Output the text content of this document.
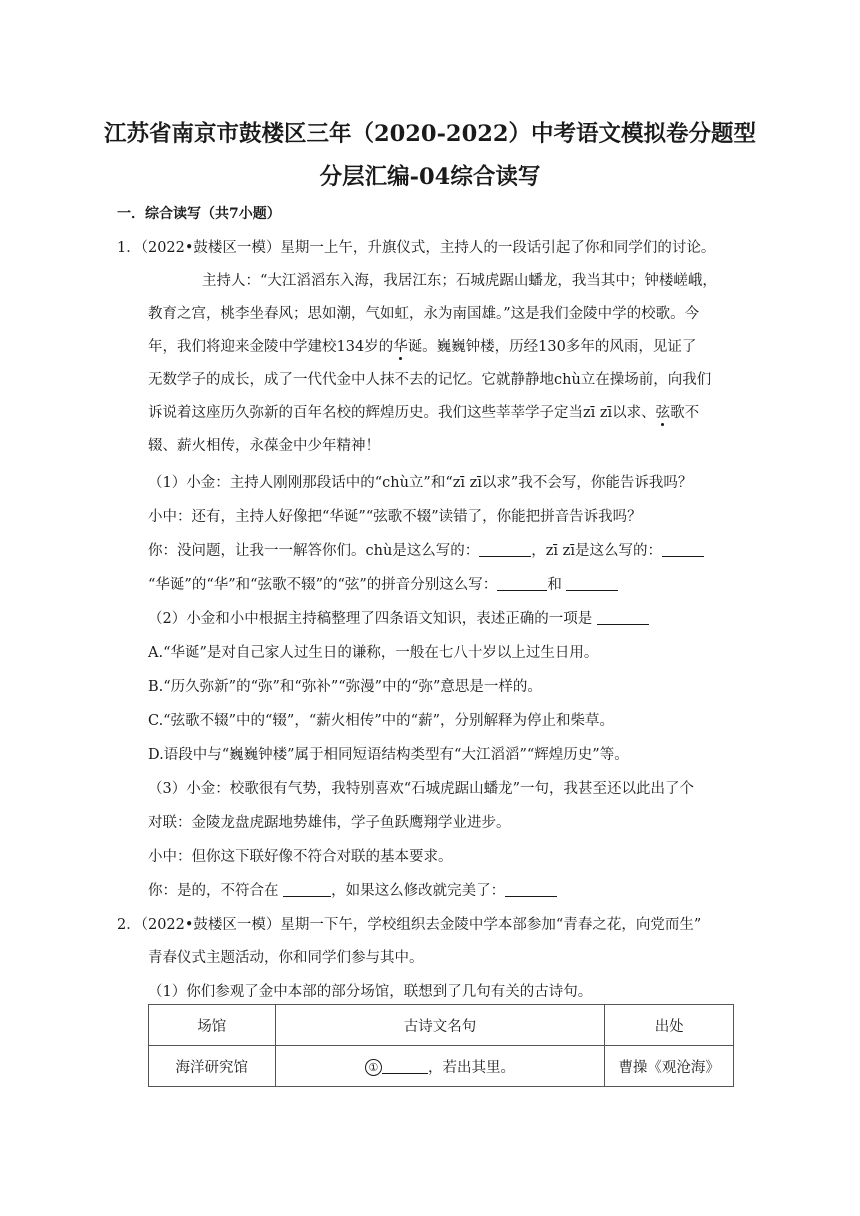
江苏省南京市鼓楼区三年（2020-2022）中考语文模拟卷分题型
分层汇编-04综合读写
一．综合读写（共7小题）
1．（2022•鼓楼区一模）星期一上午，升旗仪式，主持人的一段话引起了你和同学们的讨论。
主持人：“大江滔滔东入海，我居江东；石城虎踞山蟠龙，我当其中；钟楼嵯峨，
教育之宫，桃李坐春风；思如潮，气如虹，永为南国雄。”这是我们金陵中学的校歌。今
年，我们将迎来金陵中学建校134岁的华诞。巍巍钟楼，历经130多年的风雨，见证了
无数学子的成长，成了一代代金中人抹不去的记忆。它就静静地chù立在操场前，向我们
诉说着这座历久弥新的百年名校的辉煌历史。我们这些莘莘学子定当zī zī以求、弦歌不
辍、薪火相传，永葆金中少年精神！
（1）小金：主持人刚刚那段话中的“chù立”和“zī zī以求”我不会写，你能告诉我吗？
小中：还有，主持人好像把“华诞”“弦歌不辍”读错了，你能把拼音告诉我吗？
你：没问题，让我一一解答你们。chù是这么写的：	，zī zī是这么写的：
“华诞”的“华”和“弦歌不辍”的“弦”的拼音分别这么写：	和
（2）小金和小中根据主持稿整理了四条语文知识，表述正确的一项是
A.“华诞”是对自己家人过生日的谦称，一般在七八十岁以上过生日用。
B.“历久弥新”的“弥”和“弥补”“弥漫”中的“弥”意思是一样的。
C.“弦歌不辍”中的“辍”，“薪火相传”中的“薪”，分别解释为停止和柴草。
D.语段中与“巍巍钟楼”属于相同短语结构类型有“大江滔滔”“辉煌历史”等。
（3）小金：校歌很有气势，我特别喜欢“石城虎踞山蟠龙”一句，我甚至还以此出了个
对联：金陵龙盘虎踞地势雄伟，学子鱼跃鹰翔学业进步。
小中：但你这下联好像不符合对联的基本要求。
你：是的，不符合在	，如果这么修改就完美了：
2．（2022•鼓楼区一模）星期一下午，学校组织去金陵中学本部参加“青春之花，向党而生”
青春仪式主题活动，你和同学们参与其中。
（1）你们参观了金中本部的部分场馆，联想到了几句有关的古诗句。
场馆	古诗文名句	出处
海洋研究馆	① ，若出其里。	曹操《观沧海》
